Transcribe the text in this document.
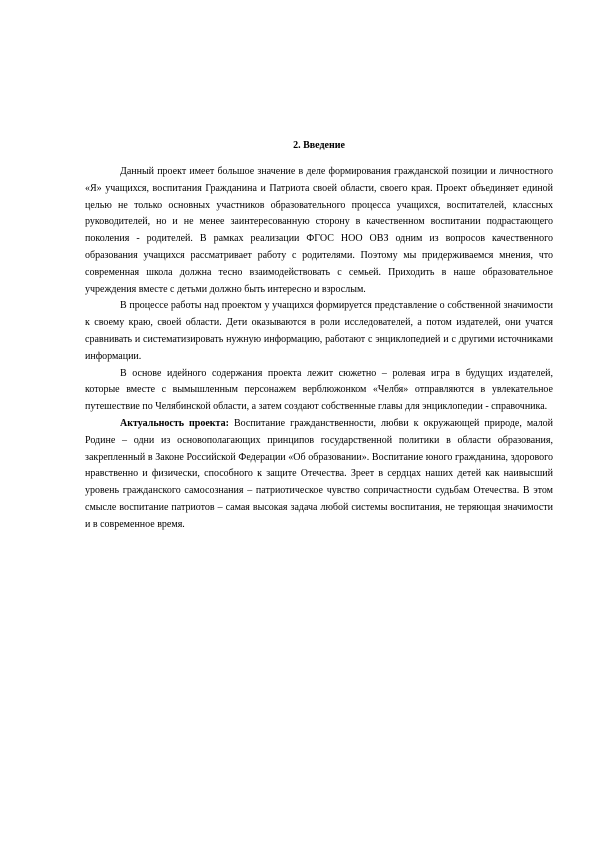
2. Введение

Данный проект имеет большое значение в деле формирования гражданской позиции и личностного «Я» учащихся, воспитания Гражданина и Патриота своей области, своего края. Проект объединяет единой целью не только основных участников образовательного процесса учащихся, воспитателей, классных руководителей, но и не менее заинтересованную сторону в качественном воспитании подрастающего поколения - родителей. В рамках реализации ФГОС НОО ОВЗ одним из вопросов качественного образования учащихся рассматривает работу с родителями. Поэтому мы придерживаемся мнения, что современная школа должна тесно взаимодействовать с семьей. Приходить в наше образовательное учреждения вместе с детьми должно быть интересно и взрослым.

В процессе работы над проектом у учащихся формируется представление о собственной значимости к своему краю, своей области. Дети оказываются в роли исследователей, а потом издателей, они учатся сравнивать и систематизировать нужную информацию, работают с энциклопедией и с другими источниками информации.

В основе идейного содержания проекта лежит сюжетно – ролевая игра в будущих издателей, которые вместе с вымышленным персонажем верблюжонком «Челбя» отправляются в увлекательное путешествие по Челябинской области, а затем создают собственные главы для энциклопедии - справочника.

Актуальность проекта: Воспитание гражданственности, любви к окружающей природе, малой Родине – одни из основополагающих принципов государственной политики в области образования, закрепленный в Законе Российской Федерации «Об образовании». Воспитание юного гражданина, здорового нравственно и физически, способного к защите Отечества. Зреет в сердцах наших детей как наивысший уровень гражданского самосознания – патриотическое чувство сопричастности судьбам Отечества. В этом смысле воспитание патриотов – самая высокая задача любой системы воспитания, не теряющая значимости и в современное время.
